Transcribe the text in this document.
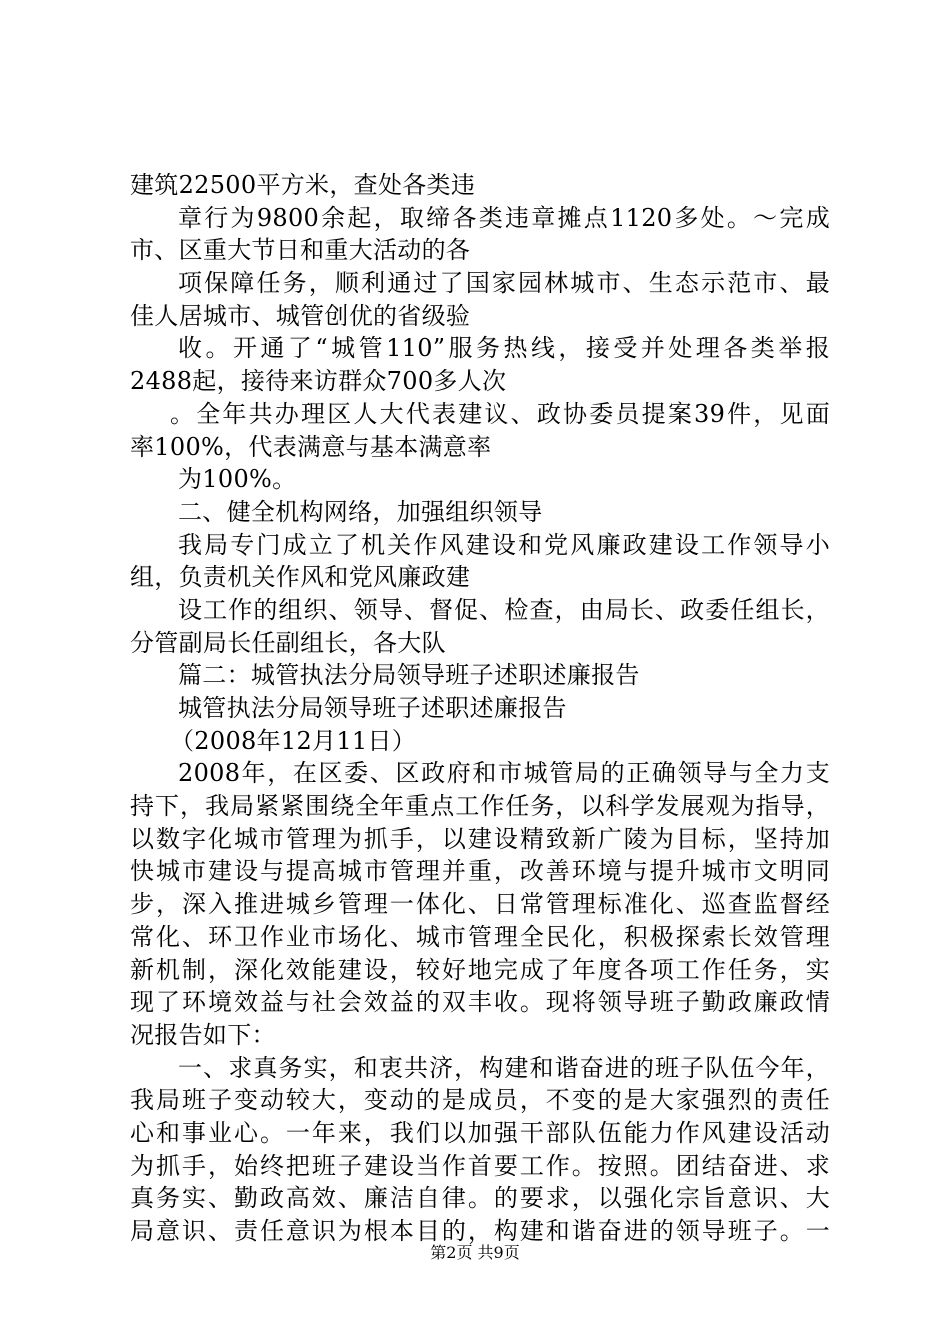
建筑22500平方米，查处各类违
章行为9800余起，取缔各类违章摊点1120多处。～完成
市、区重大节日和重大活动的各
项保障任务，顺利通过了国家园林城市、生态示范市、最
佳人居城市、城管创优的省级验
收。开通了“城管110”服务热线，接受并处理各类举报
2488起，接待来访群众700多人次
。全年共办理区人大代表建议、政协委员提案39件，见面
率100%，代表满意与基本满意率
为100%。
二、健全机构网络，加强组织领导
我局专门成立了机关作风建设和党风廉政建设工作领导小
组，负责机关作风和党风廉政建
设工作的组织、领导、督促、检查，由局长、政委任组长，
分管副局长任副组长，各大队
篇二：城管执法分局领导班子述职述廉报告
城管执法分局领导班子述职述廉报告
（2008年12月11日）
2008年，在区委、区政府和市城管局的正确领导与全力支
持下，我局紧紧围绕全年重点工作任务，以科学发展观为指导，
以数字化城市管理为抓手，以建设精致新广陵为目标，坚持加
快城市建设与提高城市管理并重，改善环境与提升城市文明同
步，深入推进城乡管理一体化、日常管理标准化、巡查监督经
常化、环卫作业市场化、城市管理全民化，积极探索长效管理
新机制，深化效能建设，较好地完成了年度各项工作任务，实
现了环境效益与社会效益的双丰收。现将领导班子勤政廉政情
况报告如下：
一、求真务实，和衷共济，构建和谐奋进的班子队伍今年，
我局班子变动较大，变动的是成员，不变的是大家强烈的责任
心和事业心。一年来，我们以加强干部队伍能力作风建设活动
为抓手，始终把班子建设当作首要工作。按照。团结奋进、求
真务实、勤政高效、廉洁自律。的要求，以强化宗旨意识、大
局意识、责任意识为根本目的，构建和谐奋进的领导班子。一
第2页 共9页
